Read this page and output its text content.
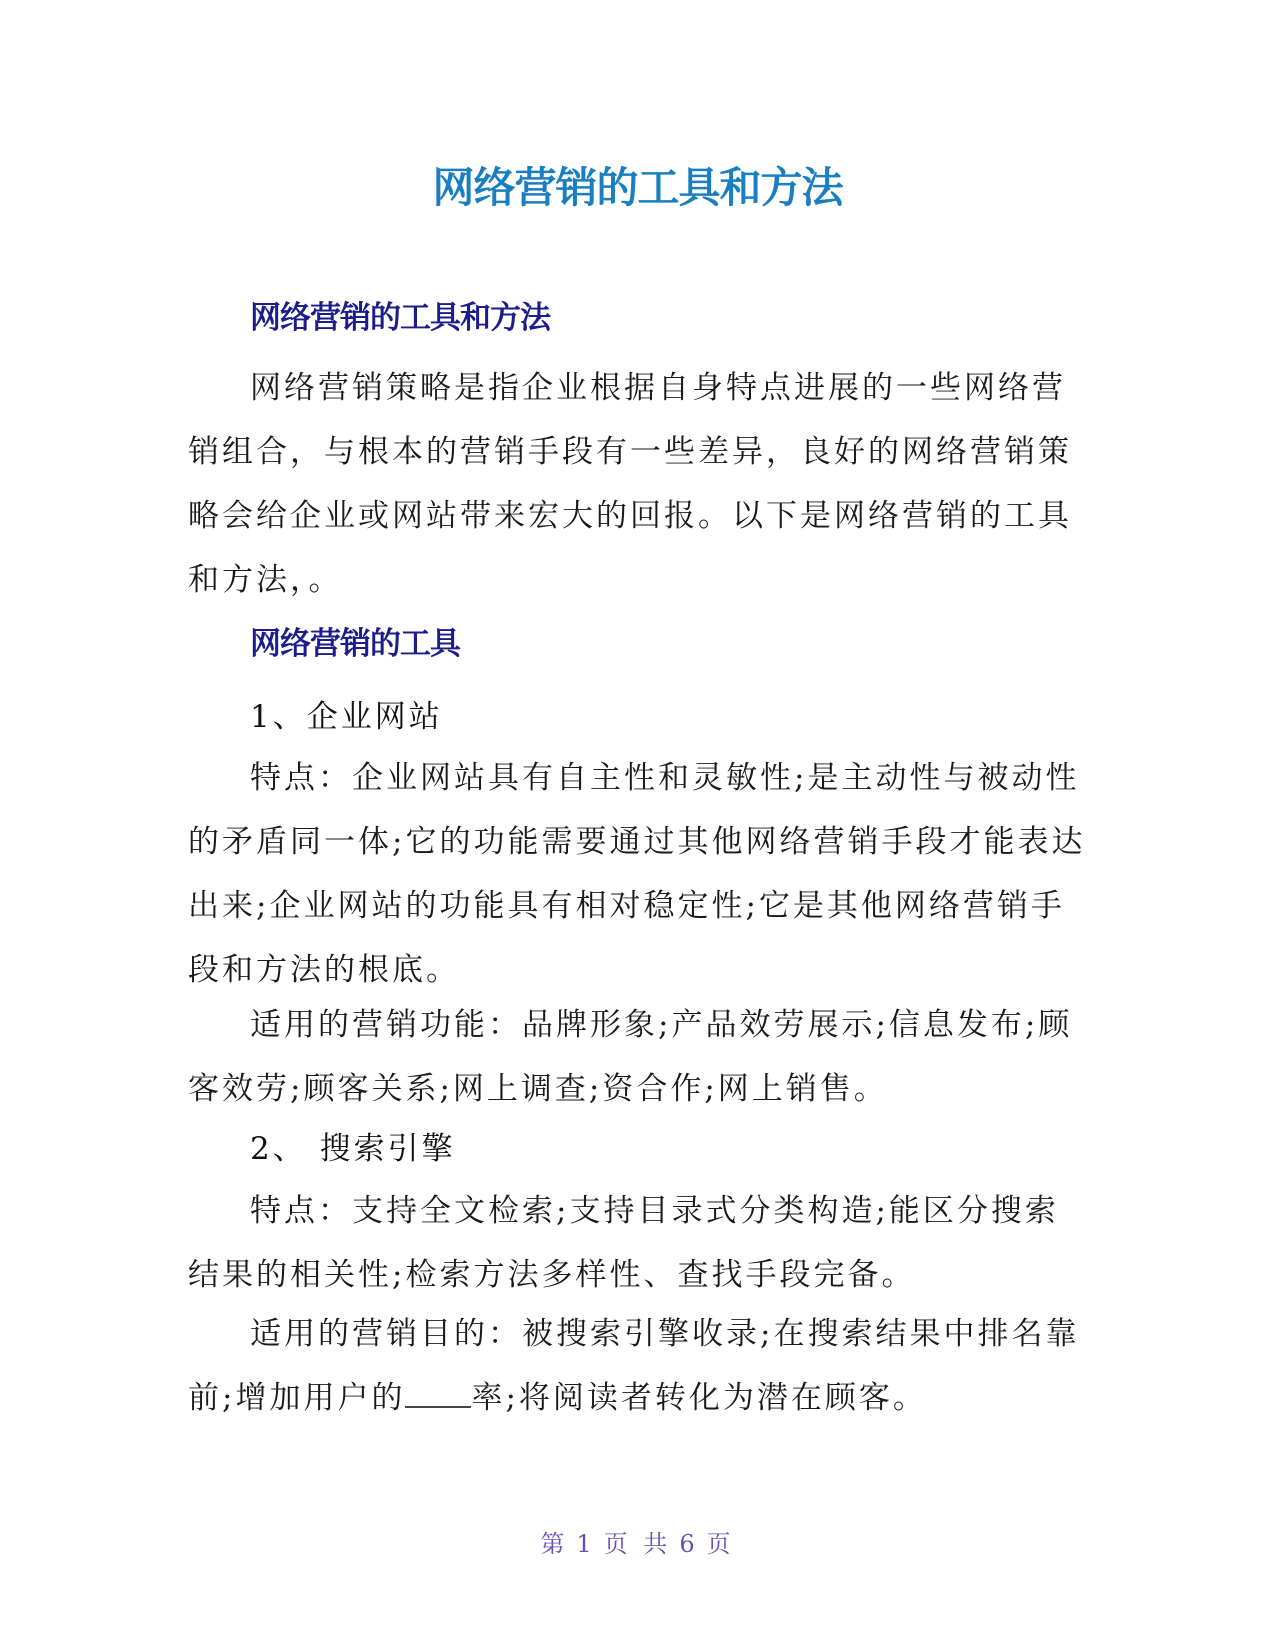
网络营销的工具和方法
网络营销的工具和方法

网络营销策略是指企业根据自身特点进展的一些网络营销组合，与根本的营销手段有一些差异，良好的网络营销策略会给企业或网站带来宏大的回报。以下是网络营销的工具和方法，。

网络营销的工具
1、企业网站

特点：企业网站具有自主性和灵敏性;是主动性与被动性的矛盾同一体;它的功能需要通过其他网络营销手段才能表达出来;企业网站的功能具有相对稳定性;它是其他网络营销手段和方法的根底。

适用的营销功能：品牌形象;产品效劳展示;信息发布;顾客效劳;顾客关系;网上调查;资合作;网上销售。

2、 搜索引擎

特点：支持全文检索;支持目录式分类构造;能区分搜索结果的相关性;检索方法多样性、查找手段完备。

适用的营销目的：被搜索引擎收录;在搜索结果中排名靠前;增加用户的 率;将阅读者转化为潜在顾客。

第 1 页 共 6 页
